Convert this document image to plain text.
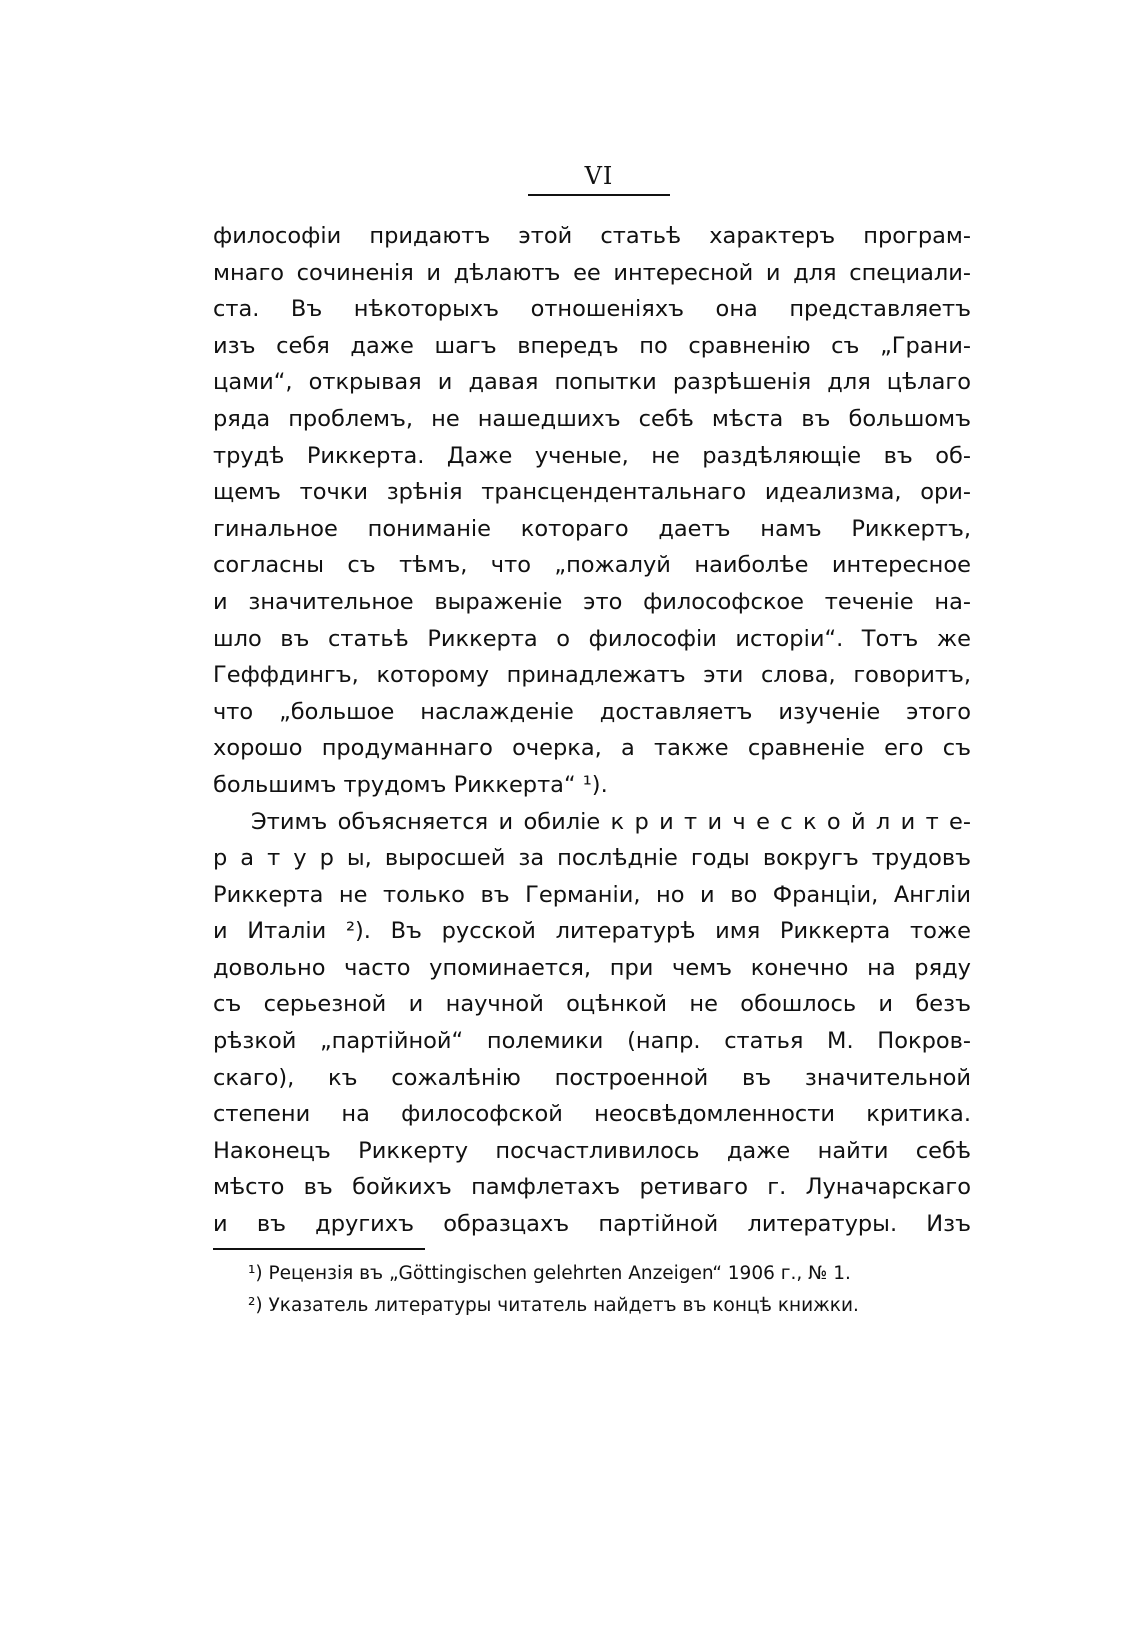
VI
философіи придаютъ этой статьѣ характеръ програм-
мнаго сочиненія и дѣлаютъ ее интересной и для специали-
ста. Въ нѣкоторыхъ отношеніяхъ она представляетъ
изъ себя даже шагъ впередъ по сравненію съ „Грани-
цами“, открывая и давая попытки разрѣшенія для цѣлаго
ряда проблемъ, не нашедшихъ себѣ мѣста въ большомъ
трудѣ Риккерта. Даже ученые, не раздѣляющіе въ об-
щемъ точки зрѣнія трансцендентальнаго идеализма, ори-
гинальное пониманіе котораго даетъ намъ Риккертъ,
согласны съ тѣмъ, что „пожалуй наиболѣе интересное
и значительное выраженіе это философское теченіе на-
шло въ статьѣ Риккерта о философіи исторіи“. Тотъ же
Геффдингъ, которому принадлежатъ эти слова, говоритъ,
что „большое наслажденіе доставляетъ изученіе этого
хорошо продуманнаго очерка, а также сравненіе его съ
большимъ трудомъ Риккерта“ ¹).
Этимъ объясняется и обиліе к р и т и ч е с к о й л и т е-
р а т у р ы, выросшей за послѣдніе годы вокругъ трудовъ
Риккерта не только въ Германіи, но и во Франціи, Англіи
и Италіи ²). Въ русской литературѣ имя Риккерта тоже
довольно часто упоминается, при чемъ конечно на ряду
съ серьезной и научной оцѣнкой не обошлось и безъ
рѣзкой „партійной“ полемики (напр. статья М. Покров-
скаго), къ сожалѣнію построенной въ значительной
степени на философской неосвѣдомленности критика.
Наконецъ Риккерту посчастливилось даже найти себѣ
мѣсто въ бойкихъ памфлетахъ ретиваго г. Луначарскаго
и въ другихъ образцахъ партійной литературы. Изъ
¹) Рецензія въ „Göttingischen gelehrten Anzeigen“ 1906 г., № 1.
²) Указатель литературы читатель найдетъ въ концѣ книжки.
